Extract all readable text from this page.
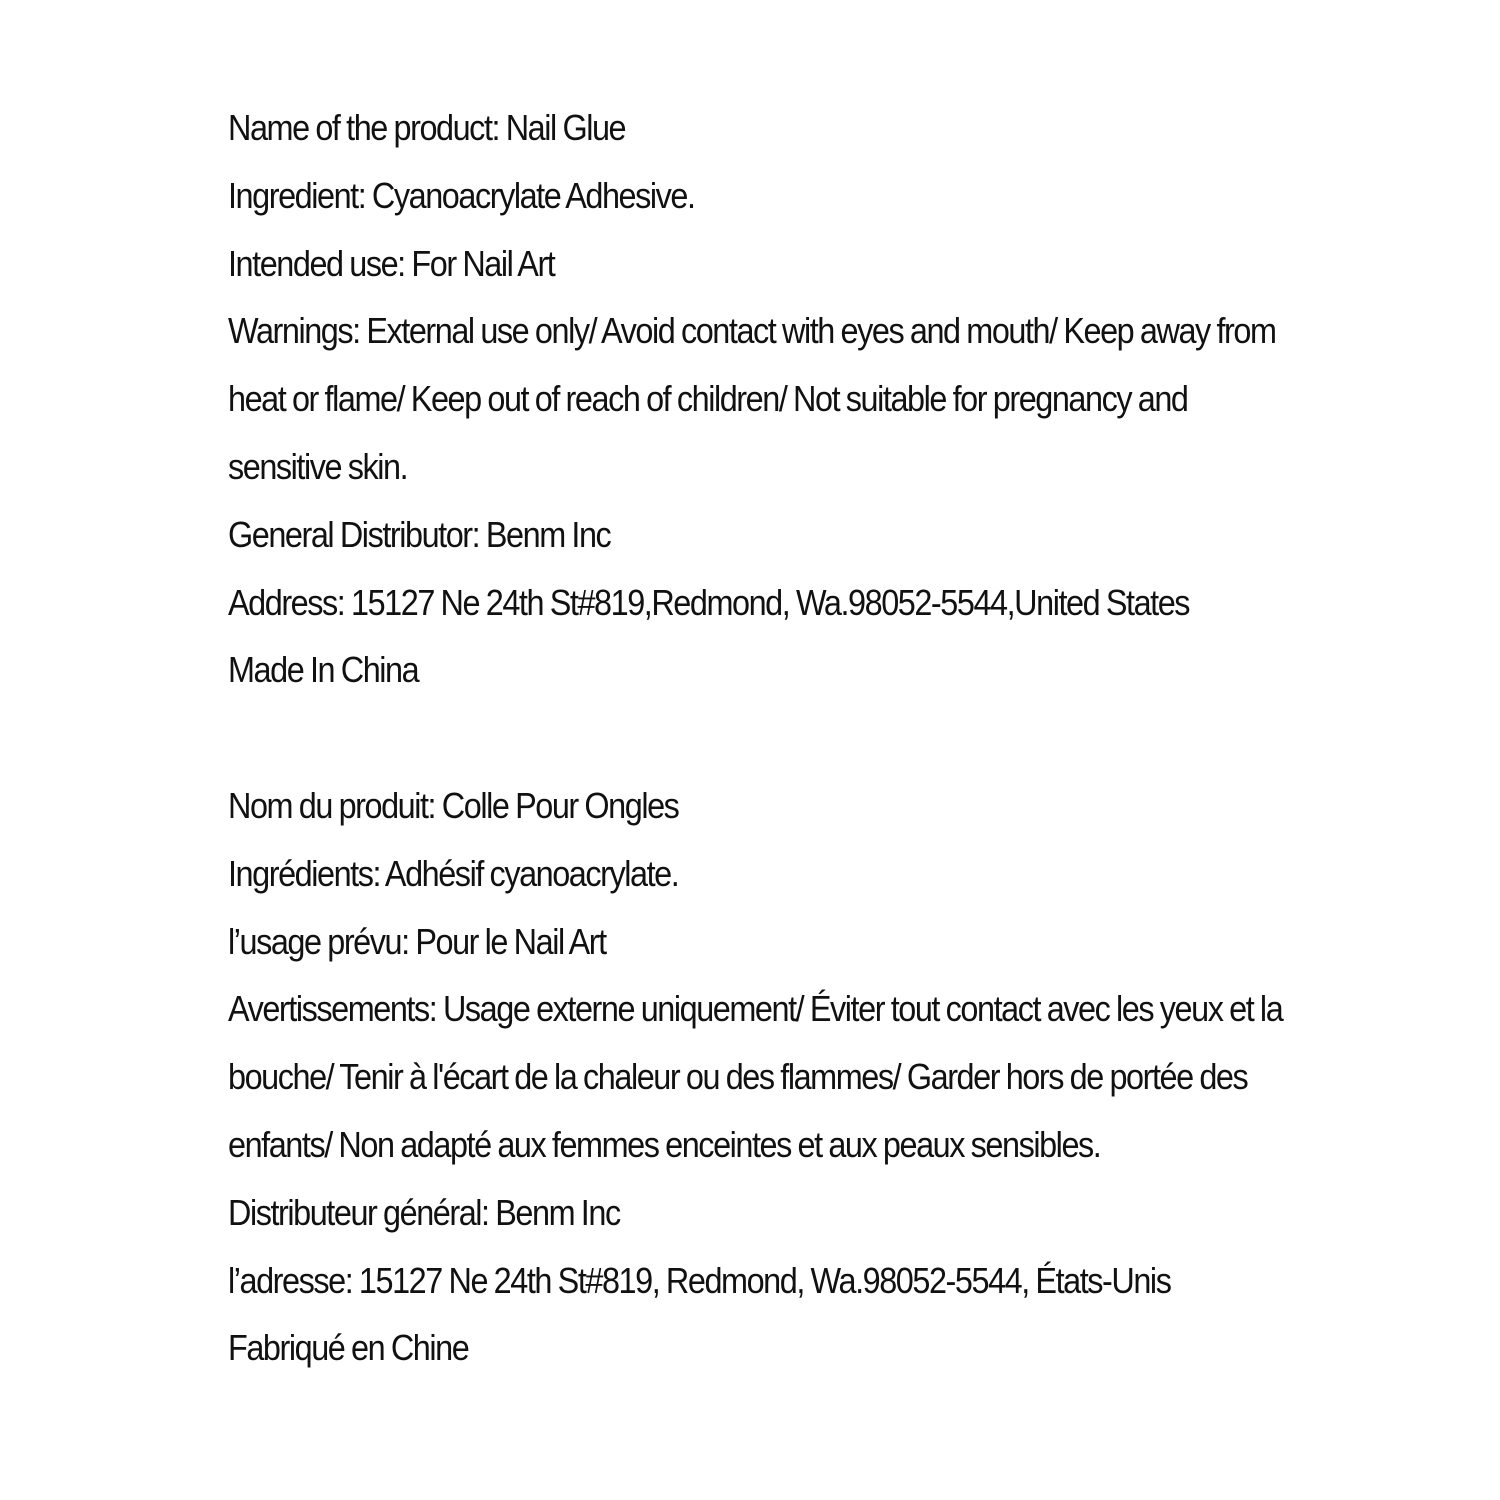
Name of the product: Nail Glue
Ingredient: Cyanoacrylate Adhesive.
Intended use: For Nail Art
Warnings: External use only/ Avoid contact with eyes and mouth/ Keep away from
heat or flame/ Keep out of reach of children/ Not suitable for pregnancy and
sensitive skin.
General Distributor: Benm Inc
Address: 15127 Ne 24th St#819,Redmond, Wa.98052-5544,United States
Made In China
Nom du produit: Colle Pour Ongles
Ingrédients: Adhésif cyanoacrylate.
l’usage prévu: Pour le Nail Art
Avertissements: Usage externe uniquement/ Éviter tout contact avec les yeux et la
bouche/ Tenir à l'écart de la chaleur ou des flammes/ Garder hors de portée des
enfants/ Non adapté aux femmes enceintes et aux peaux sensibles.
Distributeur général: Benm Inc
l’adresse: 15127 Ne 24th St#819, Redmond, Wa.98052-5544, États-Unis
Fabriqué en Chine
